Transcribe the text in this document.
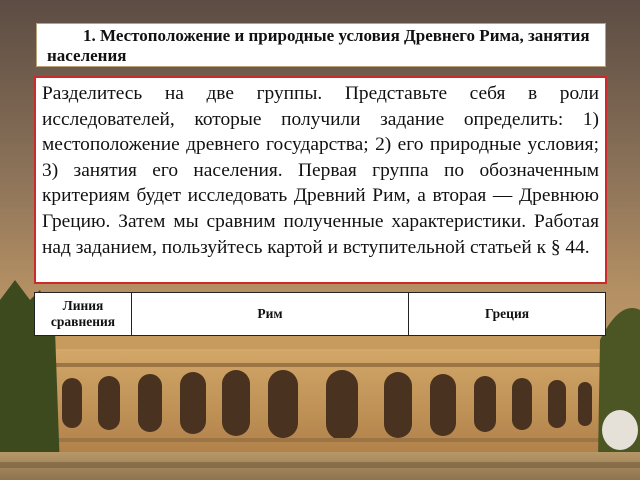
1. Местоположение и природные условия Древнего Рима, занятия населения
Разделитесь на две группы. Представьте себя в роли исследователей, которые получили задание определить: 1) местоположение древнего государства; 2) его природные условия; 3) занятия его населения. Первая группа по обозначенным критериям будет исследовать Древний Рим, а вторая — Древнюю Грецию. Затем мы сравним полученные характеристики. Работая над заданием, пользуйтесь картой и вступительной статьей к § 44.
Линия сравнения	Рим	Греция
